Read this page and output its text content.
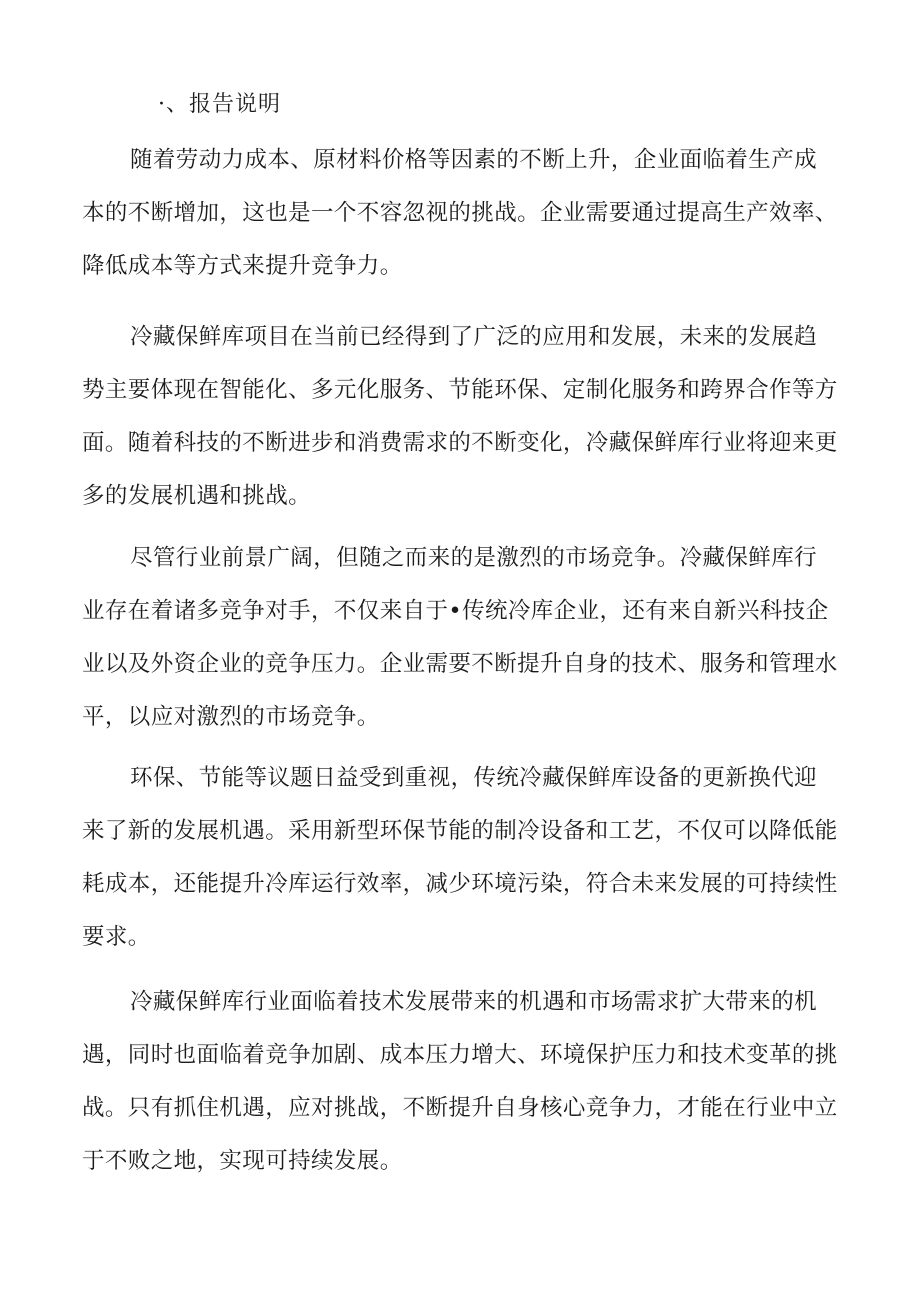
·、报告说明

随着劳动力成本、原材料价格等因素的不断上升，企业面临着生产成
本的不断增加，这也是一个不容忽视的挑战。企业需要通过提高生产效率、
降低成本等方式来提升竞争力。

冷藏保鲜库项目在当前已经得到了广泛的应用和发展，未来的发展趋
势主要体现在智能化、多元化服务、节能环保、定制化服务和跨界合作等方
面。随着科技的不断进步和消费需求的不断变化，冷藏保鲜库行业将迎来更
多的发展机遇和挑战。

尽管行业前景广阔，但随之而来的是激烈的市场竞争。冷藏保鲜库行
业存在着诸多竞争对手，不仅来自于•传统冷库企业，还有来自新兴科技企
业以及外资企业的竞争压力。企业需要不断提升自身的技术、服务和管理水
平，以应对激烈的市场竞争。

环保、节能等议题日益受到重视，传统冷藏保鲜库设备的更新换代迎
来了新的发展机遇。采用新型环保节能的制冷设备和工艺，不仅可以降低能
耗成本，还能提升冷库运行效率，减少环境污染，符合未来发展的可持续性
要求。

冷藏保鲜库行业面临着技术发展带来的机遇和市场需求扩大带来的机
遇，同时也面临着竞争加剧、成本压力增大、环境保护压力和技术变革的挑
战。只有抓住机遇，应对挑战，不断提升自身核心竞争力，才能在行业中立
于不败之地，实现可持续发展。
